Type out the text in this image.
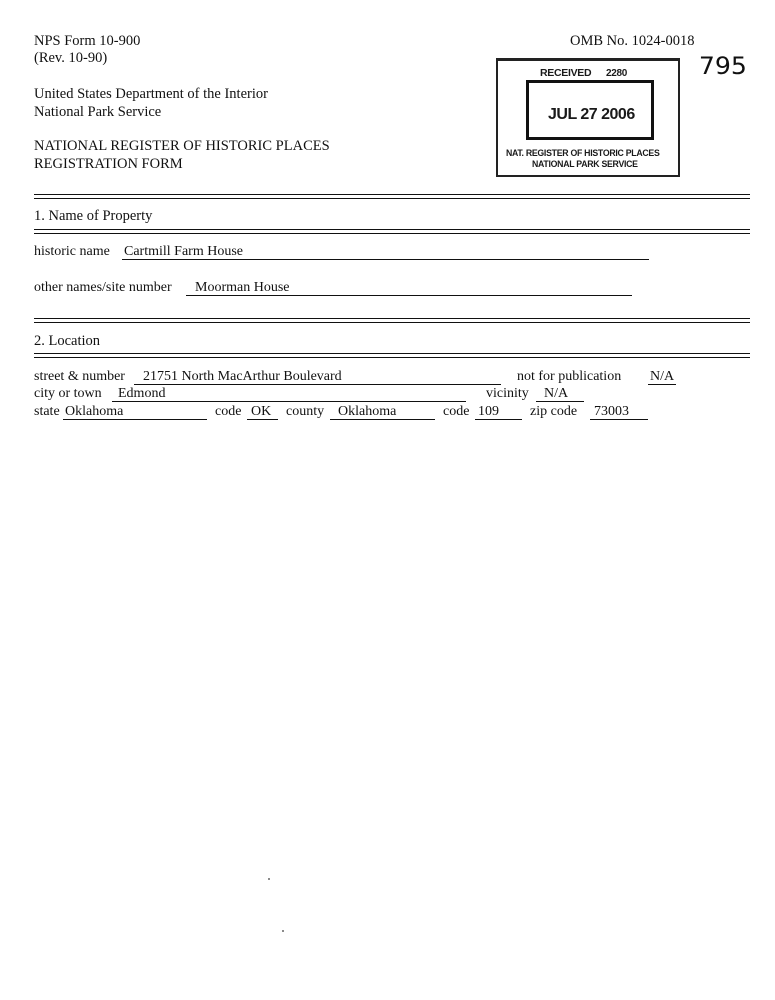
NPS Form 10-900
(Rev. 10-90)
United States Department of the Interior
National Park Service
NATIONAL REGISTER OF HISTORIC PLACES
REGISTRATION FORM
OMB No. 1024-0018
RECEIVED 2280
JUL 27 2006
NAT. REGISTER OF HISTORIC PLACES
NATIONAL PARK SERVICE
795
1. Name of Property
historic name Cartmill Farm House
other names/site number	Moorman House
2. Location
street & number	21751 North MacArthur Boulevard	not for publication N/A
city or town	Edmond	vicinity	N/A
state Oklahoma	code OK	county Oklahoma	code 109	zip code 73003
